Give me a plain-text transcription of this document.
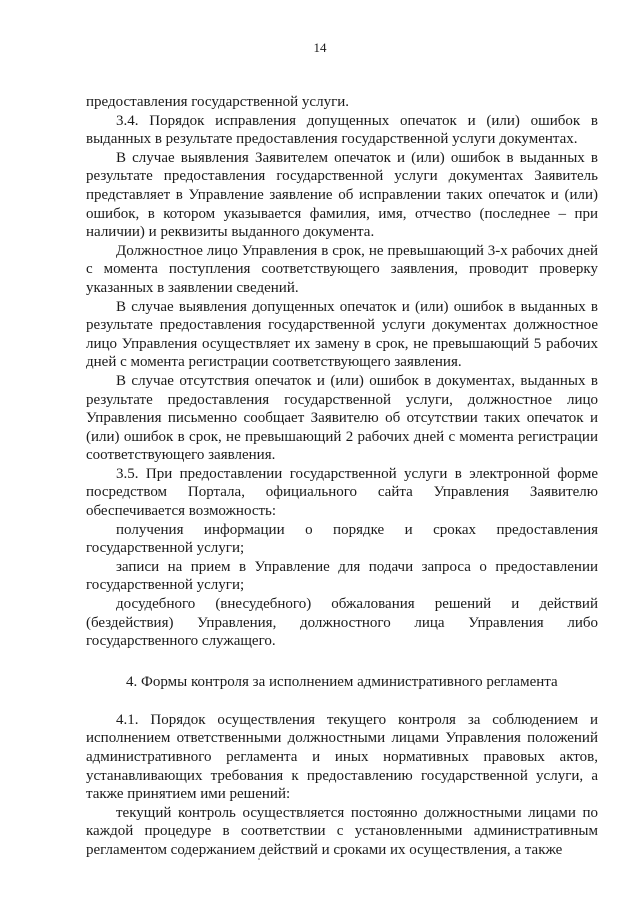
14

предоставления государственной услуги.

3.4. Порядок исправления допущенных опечаток и (или) ошибок в выданных в результате предоставления государственной услуги документах.

В случае выявления Заявителем опечаток и (или) ошибок в выданных в результате предоставления государственной услуги документах Заявитель представляет в Управление заявление об исправлении таких опечаток и (или) ошибок, в котором указывается фамилия, имя, отчество (последнее – при наличии) и реквизиты выданного документа.

Должностное лицо Управления в срок, не превышающий 3-х рабочих дней с момента поступления соответствующего заявления, проводит проверку указанных в заявлении сведений.

В случае выявления допущенных опечаток и (или) ошибок в выданных в результате предоставления государственной услуги документах должностное лицо Управления осуществляет их замену в срок, не превышающий 5 рабочих дней с момента регистрации соответствующего заявления.

В случае отсутствия опечаток и (или) ошибок в документах, выданных в результате предоставления государственной услуги, должностное лицо Управления письменно сообщает Заявителю об отсутствии таких опечаток и (или) ошибок в срок, не превышающий 2 рабочих дней с момента регистрации соответствующего заявления.

3.5. При предоставлении государственной услуги в электронной форме посредством Портала, официального сайта Управления Заявителю обеспечивается возможность:

получения информации о порядке и сроках предоставления государственной услуги;

записи на прием в Управление для подачи запроса о предоставлении государственной услуги;

досудебного (внесудебного) обжалования решений и действий (бездействия) Управления, должностного лица Управления либо государственного служащего.

4. Формы контроля за исполнением административного регламента

4.1. Порядок осуществления текущего контроля за соблюдением и исполнением ответственными должностными лицами Управления положений административного регламента и иных нормативных правовых актов, устанавливающих требования к предоставлению государственной услуги, а также принятием ими решений:

текущий контроль осуществляется постоянно должностными лицами по каждой процедуре в соответствии с установленными административным регламентом содержанием действий и сроками их осуществления, а также
